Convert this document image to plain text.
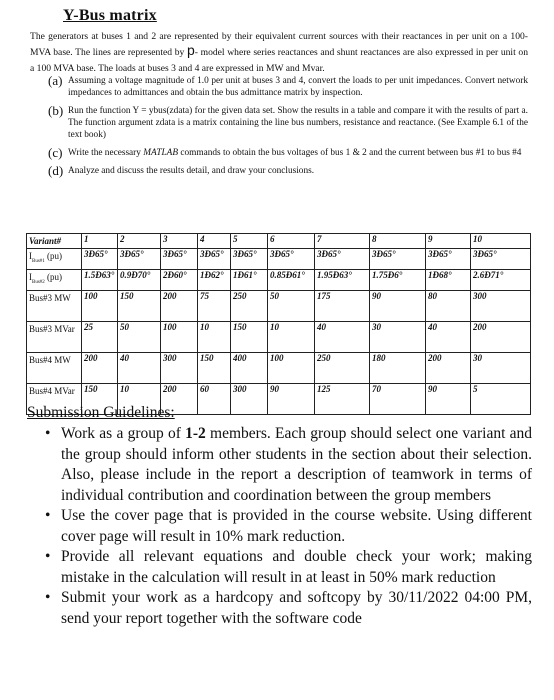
Y-Bus matrix
The generators at buses 1 and 2 are represented by their equivalent current sources with their reactances in per unit on a 100-MVA base. The lines are represented by p- model where series reactances and shunt reactances are also expressed in per unit on a 100 MVA base. The loads at buses 3 and 4 are expressed in MW and Mvar.
(a) Assuming a voltage magnitude of 1.0 per unit at buses 3 and 4, convert the loads to per unit impedances. Convert network impedances to admittances and obtain the bus admittance matrix by inspection.
(b) Run the function Y = ybus(zdata) for the given data set. Show the results in a table and compare it with the results of part a. The function argument zdata is a matrix containing the line bus numbers, resistance and reactance. (See Example 6.1 of the text book)
(c) Write the necessary MATLAB commands to obtain the bus voltages of bus 1 & 2 and the current between bus #1 to bus #4
(d) Analyze and discuss the results detail, and draw your conclusions.
Variant#	1	2	3	4	5	6	7	8	9	10
$I_{Bus\#1}$ (pu)	3Ð65°	3Ð65°	3Ð65°	3Ð65°	3Ð65°	3Ð65°	3Ð65°	3Ð65°	3Ð65°	3Ð65°
$I_{Bus\#2}$ (pu)	1.5Ð63°	0.9Ð70°	2Ð60°	1Ð62°	1Ð61°	0.85Ð61°	1.95Ð63°	1.75Ð6°	1Ð68°	2.6Ð71°
Bus#3 MW	100	150	200	75	250	50	175	90	80	300
Bus#3 MVar	25	50	100	10	150	10	40	30	40	200
Bus#4 MW	200	40	300	150	400	100	250	180	200	30
Bus#4 MVar	150	10	200	60	300	90	125	70	90	5
Submission Guidelines:
• Work as a group of 1-2 members. Each group should select one variant and the group should inform other students in the section about their selection. Also, please include in the report a description of teamwork in terms of individual contribution and coordination between the group members
• Use the cover page that is provided in the course website. Using different cover page will result in 10% mark reduction.
• Provide all relevant equations and double check your work; making mistake in the calculation will result in at least in 50% mark reduction
• Submit your work as a hardcopy and softcopy by 30/11/2022 04:00 PM, send your report together with the software code
